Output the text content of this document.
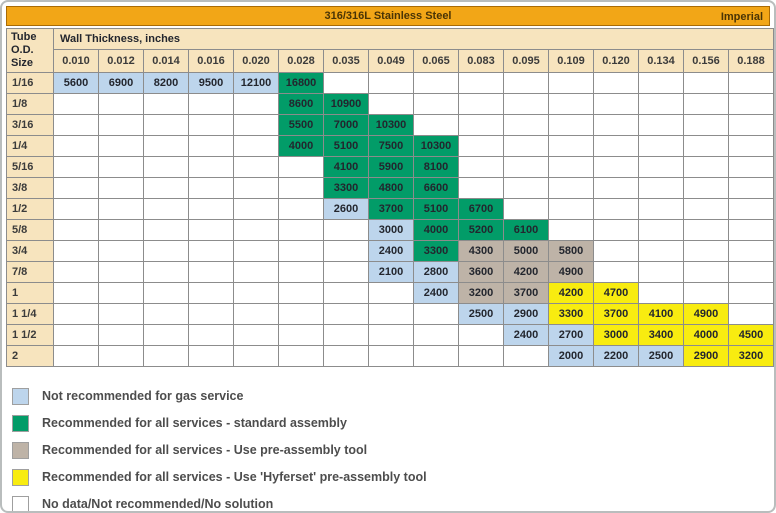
316/316L Stainless Steel	Imperial
Tube
O.D.
Size	Wall Thickness, inches															
	0.010	0.012	0.014	0.016	0.020	0.028	0.035	0.049	0.065	0.083	0.095	0.109	0.120	0.134	0.156	0.188
1/16	5600	6900	8200	9500	12100	16800										
1/8						8600	10900									
3/16						5500	7000	10300								
1/4						4000	5100	7500	10300							
5/16							4100	5900	8100							
3/8							3300	4800	6600							
1/2							2600	3700	5100	6700						
5/8								3000	4000	5200	6100					
3/4								2400	3300	4300	5000	5800				
7/8								2100	2800	3600	4200	4900				
1									2400	3200	3700	4200	4700			
1 1/4										2500	2900	3300	3700	4100	4900	
1 1/2											2400	2700	3000	3400	4000	4500
2												2000	2200	2500	2900	3200
Not recommended for gas service
Recommended for all services - standard assembly
Recommended for all services - Use pre-assembly tool
Recommended for all services - Use 'Hyferset' pre-assembly tool
No data/Not recommended/No solution
